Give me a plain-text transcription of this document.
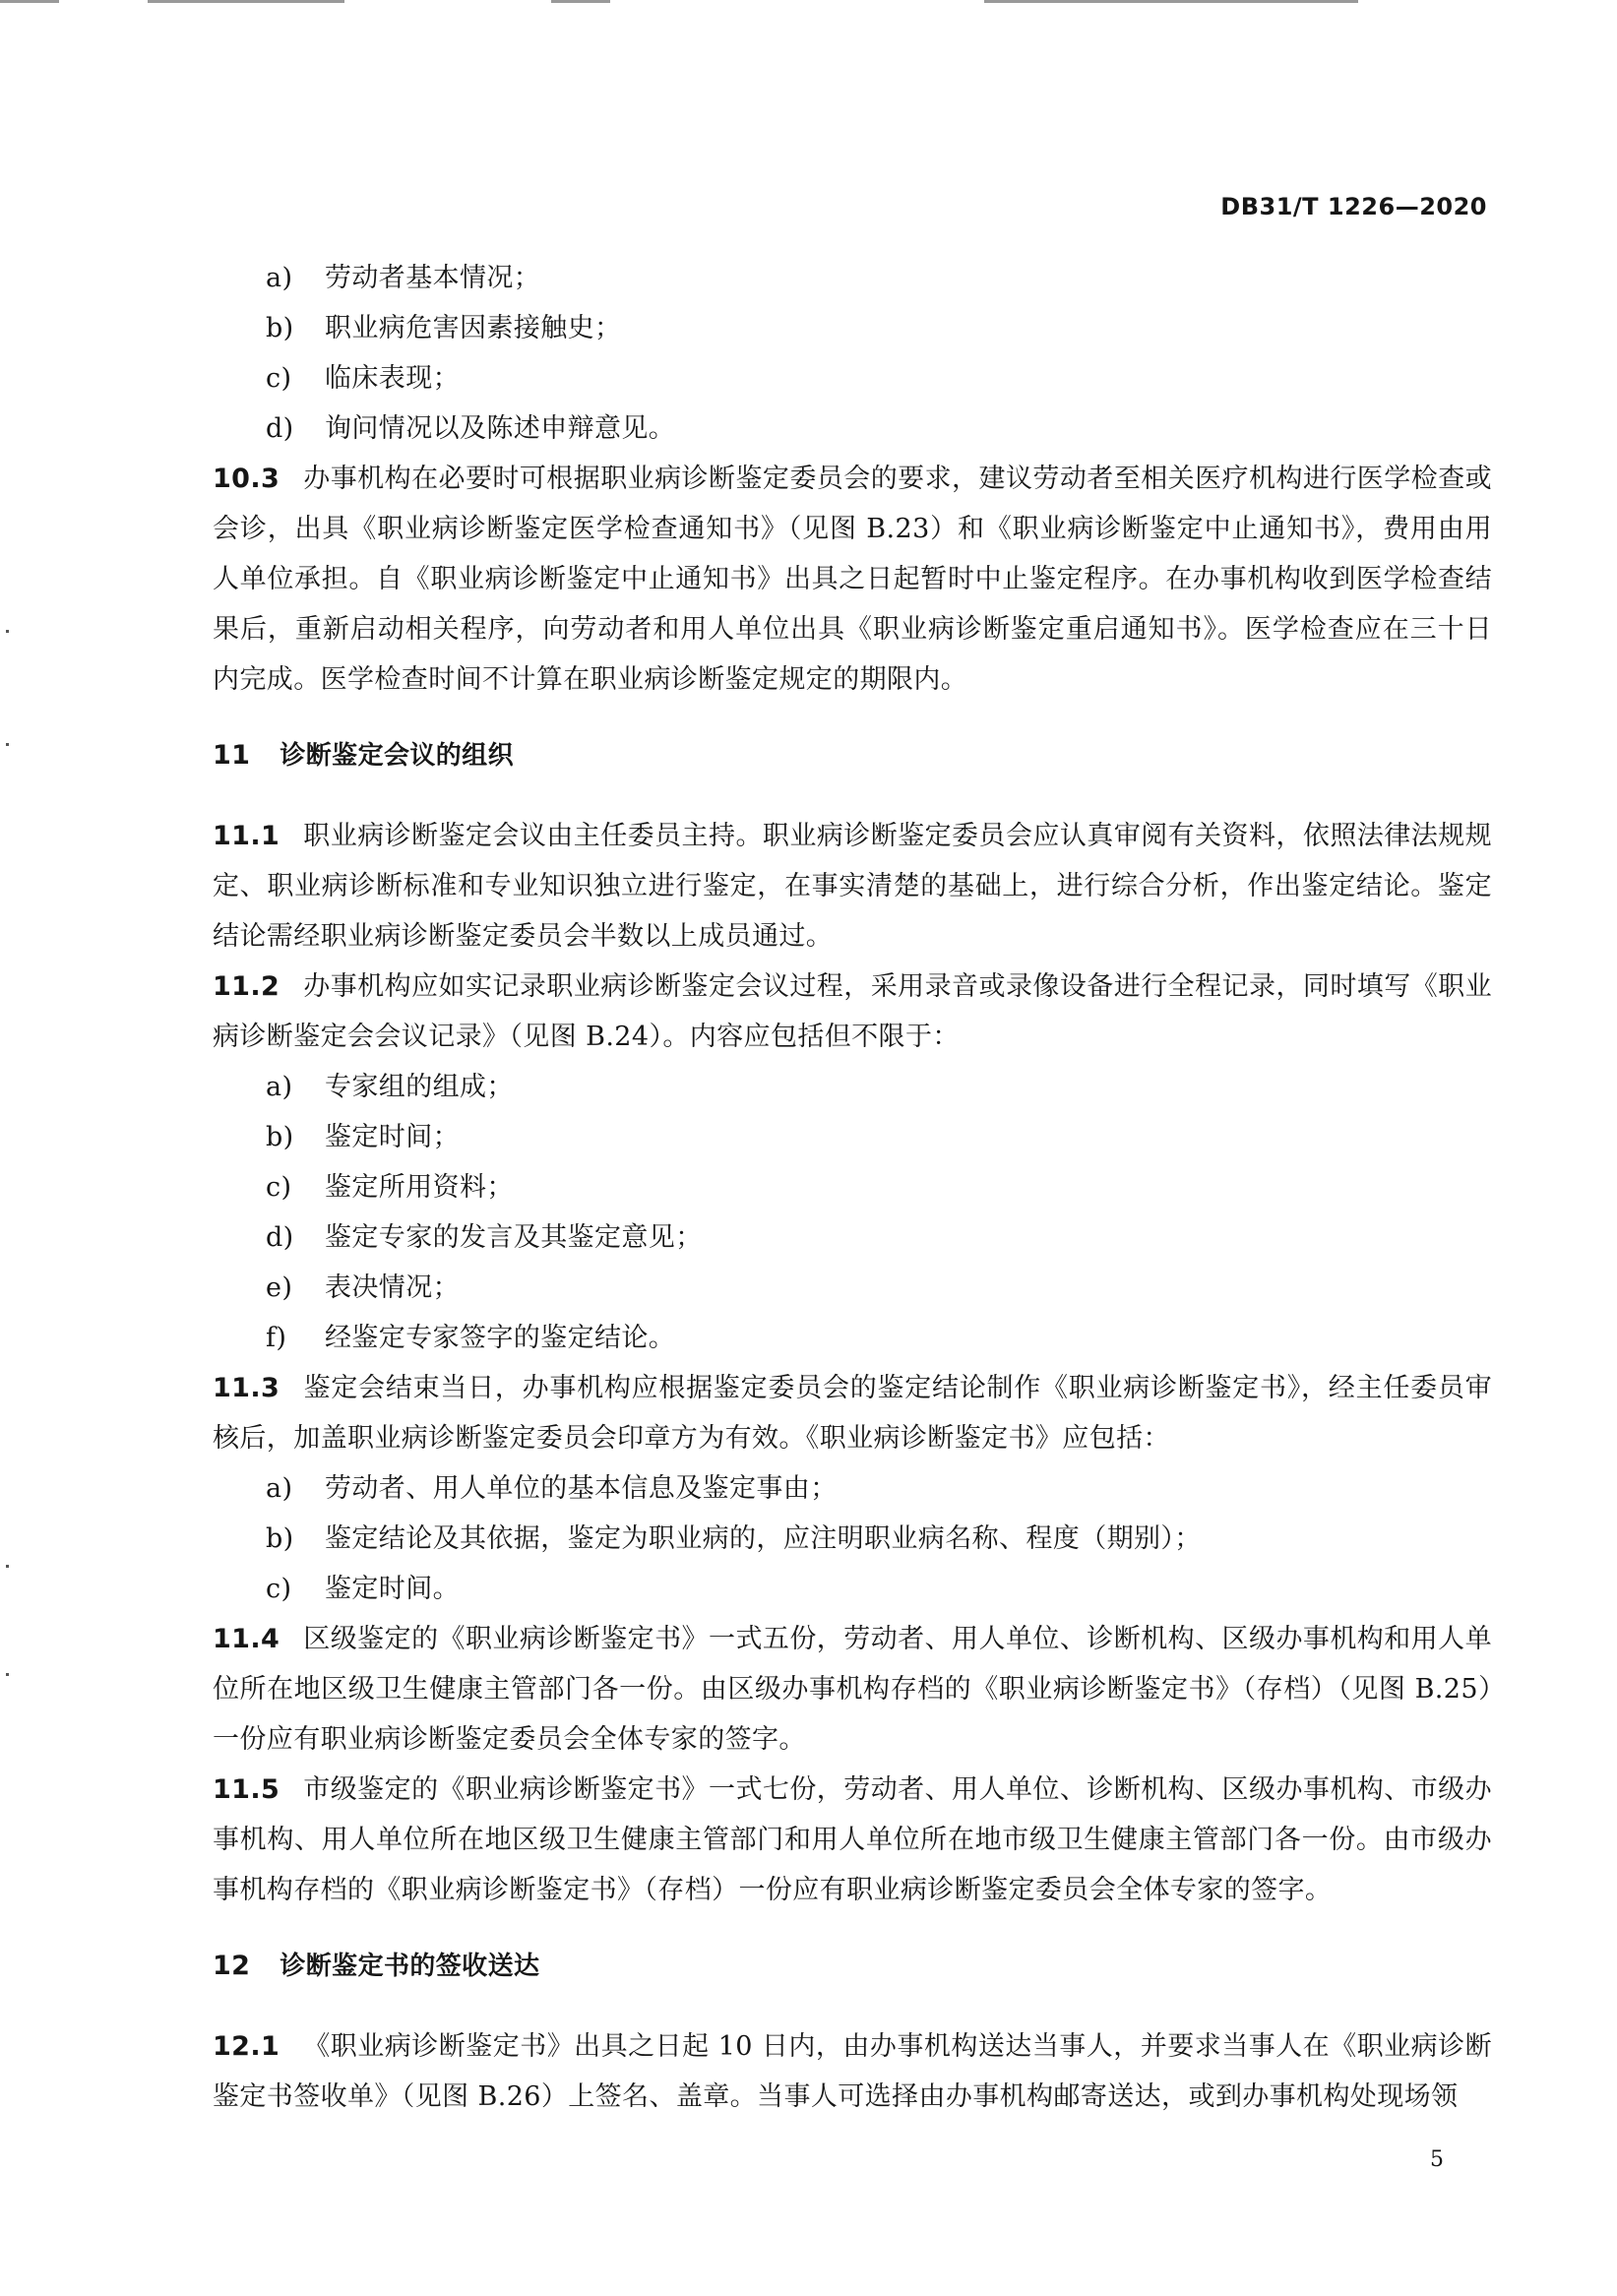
DB31/T 1226—2020
a)	劳动者基本情况；
b)	职业病危害因素接触史；
c)	临床表现；
d)	询问情况以及陈述申辩意见。
10.3 办事机构在必要时可根据职业病诊断鉴定委员会的要求，建议劳动者至相关医疗机构进行医学检查或会诊，出具《职业病诊断鉴定医学检查通知书》（见图 B.23）和《职业病诊断鉴定中止通知书》，费用由用人单位承担。自《职业病诊断鉴定中止通知书》出具之日起暂时中止鉴定程序。在办事机构收到医学检查结果后，重新启动相关程序，向劳动者和用人单位出具《职业病诊断鉴定重启通知书》。医学检查应在三十日内完成。医学检查时间不计算在职业病诊断鉴定规定的期限内。
11 诊断鉴定会议的组织
11.1 职业病诊断鉴定会议由主任委员主持。职业病诊断鉴定委员会应认真审阅有关资料，依照法律法规规定、职业病诊断标准和专业知识独立进行鉴定，在事实清楚的基础上，进行综合分析，作出鉴定结论。鉴定结论需经职业病诊断鉴定委员会半数以上成员通过。
11.2 办事机构应如实记录职业病诊断鉴定会议过程，采用录音或录像设备进行全程记录，同时填写《职业病诊断鉴定会会议记录》（见图 B.24）。内容应包括但不限于：
a)	专家组的组成；
b)	鉴定时间；
c)	鉴定所用资料；
d)	鉴定专家的发言及其鉴定意见；
e)	表决情况；
f)	经鉴定专家签字的鉴定结论。
11.3 鉴定会结束当日，办事机构应根据鉴定委员会的鉴定结论制作《职业病诊断鉴定书》，经主任委员审核后，加盖职业病诊断鉴定委员会印章方为有效。《职业病诊断鉴定书》应包括：
a)	劳动者、用人单位的基本信息及鉴定事由；
b)	鉴定结论及其依据，鉴定为职业病的，应注明职业病名称、程度（期别）；
c)	鉴定时间。
11.4 区级鉴定的《职业病诊断鉴定书》一式五份，劳动者、用人单位、诊断机构、区级办事机构和用人单位所在地区级卫生健康主管部门各一份。由区级办事机构存档的《职业病诊断鉴定书》（存档）（见图 B.25）一份应有职业病诊断鉴定委员会全体专家的签字。
11.5 市级鉴定的《职业病诊断鉴定书》一式七份，劳动者、用人单位、诊断机构、区级办事机构、市级办事机构、用人单位所在地区级卫生健康主管部门和用人单位所在地市级卫生健康主管部门各一份。由市级办事机构存档的《职业病诊断鉴定书》（存档）一份应有职业病诊断鉴定委员会全体专家的签字。
12 诊断鉴定书的签收送达
12.1 《职业病诊断鉴定书》出具之日起 10 日内，由办事机构送达当事人，并要求当事人在《职业病诊断鉴定书签收单》（见图 B.26）上签名、盖章。当事人可选择由办事机构邮寄送达，或到办事机构处现场领
5
